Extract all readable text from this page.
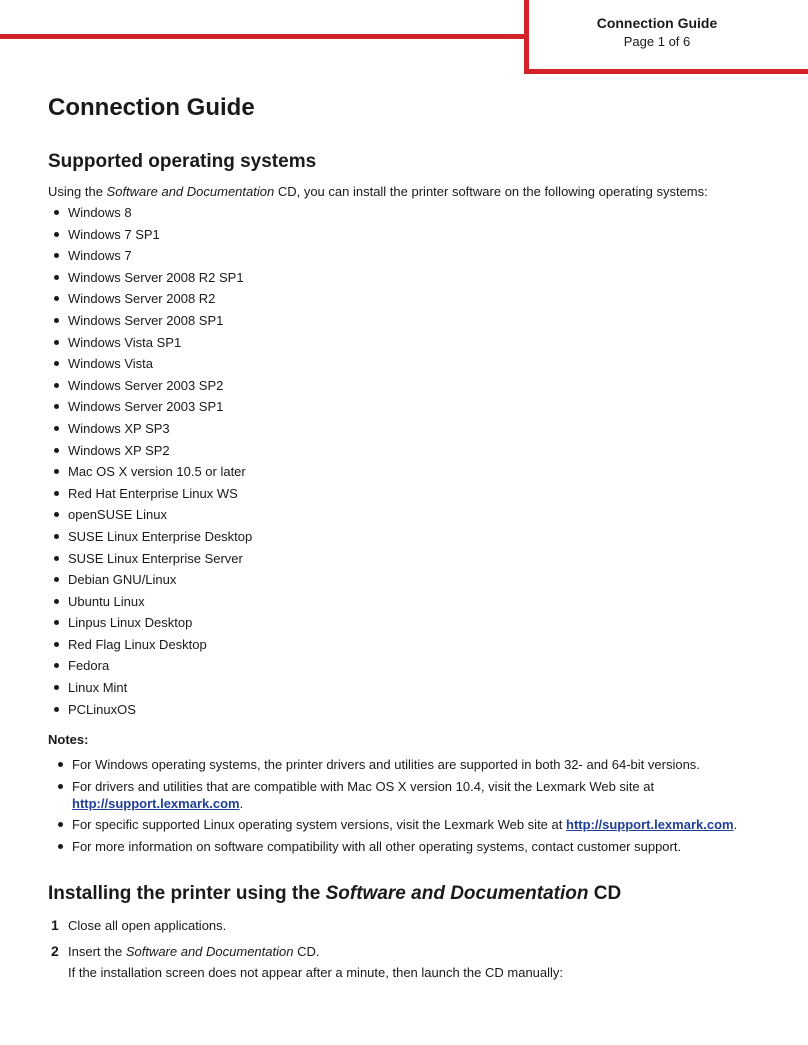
Connection Guide
Page 1 of 6
Connection Guide
Supported operating systems

Using the Software and Documentation CD, you can install the printer software on the following operating systems:

Windows 8
Windows 7 SP1
Windows 7
Windows Server 2008 R2 SP1
Windows Server 2008 R2
Windows Server 2008 SP1
Windows Vista SP1
Windows Vista
Windows Server 2003 SP2
Windows Server 2003 SP1
Windows XP SP3
Windows XP SP2
Mac OS X version 10.5 or later
Red Hat Enterprise Linux WS
openSUSE Linux
SUSE Linux Enterprise Desktop
SUSE Linux Enterprise Server
Debian GNU/Linux
Ubuntu Linux
Linpus Linux Desktop
Red Flag Linux Desktop
Fedora
Linux Mint
PCLinuxOS

Notes:

For Windows operating systems, the printer drivers and utilities are supported in both 32- and 64-bit versions.
For drivers and utilities that are compatible with Mac OS X version 10.4, visit the Lexmark Web site at http://support.lexmark.com.
For specific supported Linux operating system versions, visit the Lexmark Web site at http://support.lexmark.com.
For more information on software compatibility with all other operating systems, contact customer support.
Installing the printer using the Software and Documentation CD
1 Close all open applications.
2 Insert the Software and Documentation CD.
If the installation screen does not appear after a minute, then launch the CD manually:
